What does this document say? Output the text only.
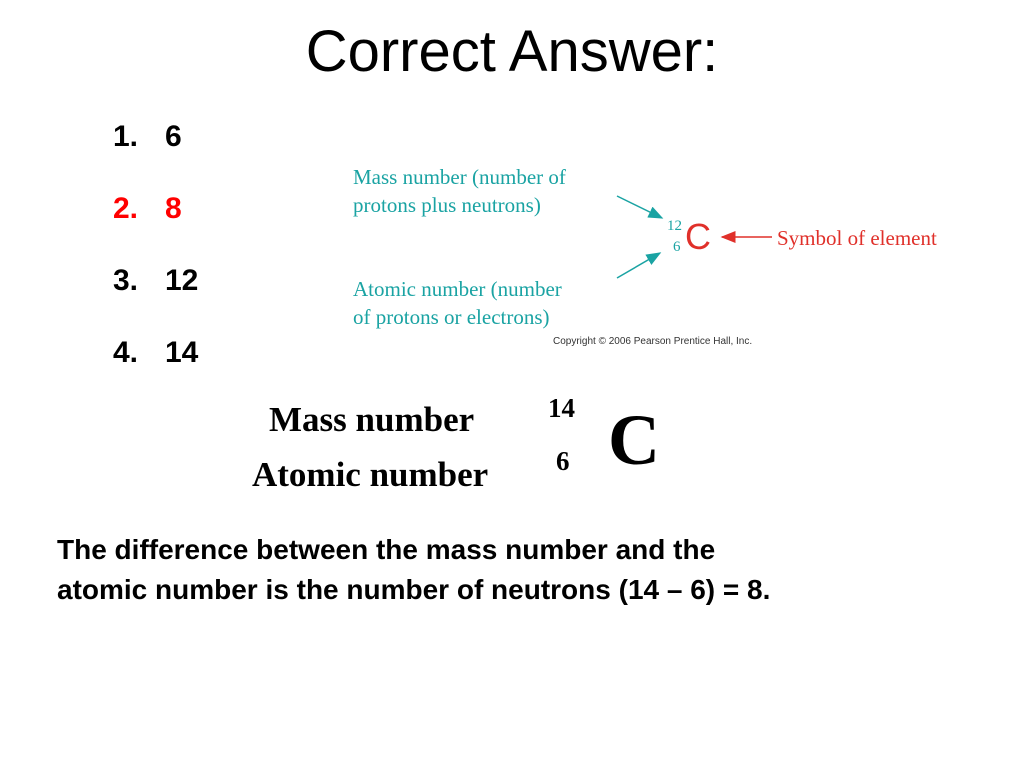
Correct Answer:
1. 6
2. 8
3. 12
4. 14
Mass number (number of
protons plus neutrons)
Atomic number (number
of protons or electrons)
12
6 C	Symbol of element
Copyright © 2006 Pearson Prentice Hall, Inc.
Mass number
Atomic number
14
6 C
The difference between the mass number and the
atomic number is the number of neutrons (14 – 6) = 8.
